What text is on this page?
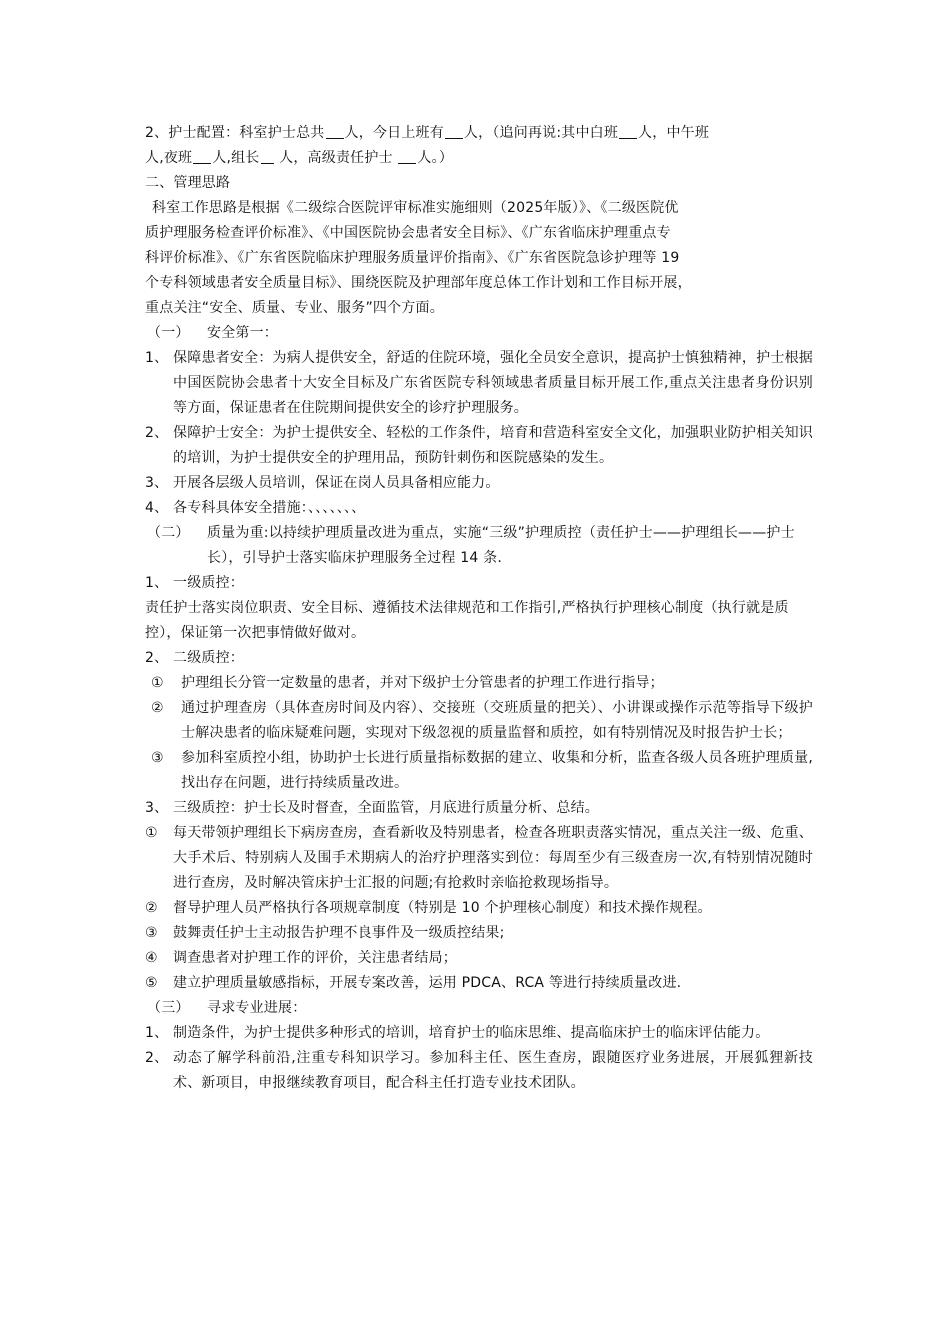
2、护士配置：科室护士总共 人，今日上班有 人，（追问再说:其中白班 人，中午班
人,夜班 人,组长 人，高级责任护士 人。）
二、管理思路
科室工作思路是根据《二级综合医院评审标准实施细则（2025年版）》、《二级医院优
质护理服务检查评价标准》、《中国医院协会患者安全目标》、《广东省临床护理重点专
科评价标准》、《广东省医院临床护理服务质量评价指南》、《广东省医院急诊护理等 19
个专科领域患者安全质量目标》、围绕医院及护理部年度总体工作计划和工作目标开展，
重点关注“安全、质量、专业、服务”四个方面。
（一）	安全第一：
1、 保障患者安全：为病人提供安全，舒适的住院环境，强化全员安全意识，提高护士慎独精神，护士根据中国医院协会患者十大安全目标及广东省医院专科领域患者质量目标开展工作,重点关注患者身份识别等方面，保证患者在住院期间提供安全的诊疗护理服务。
2、 保障护士安全：为护士提供安全、轻松的工作条件，培育和营造科室安全文化，加强职业防护相关知识的培训，为护士提供安全的护理用品，预防针刺伤和医院感染的发生。
3、 开展各层级人员培训，保证在岗人员具备相应能力。
4、 各专科具体安全措施：、、、、、、、
（二）	质量为重:以持续护理质量改进为重点，实施“三级”护理质控（责任护士——护理组长——护士长），引导护士落实临床护理服务全过程 14 条.
1、 一级质控：
责任护士落实岗位职责、安全目标、遵循技术法律规范和工作指引,严格执行护理核心制度（执行就是质控），保证第一次把事情做好做对。
2、 二级质控：
①	护理组长分管一定数量的患者，并对下级护士分管患者的护理工作进行指导；
②	通过护理查房（具体查房时间及内容）、交接班（交班质量的把关）、小讲课或操作示范等指导下级护士解决患者的临床疑难问题，实现对下级忽视的质量监督和质控，如有特别情况及时报告护士长；
③	参加科室质控小组，协助护士长进行质量指标数据的建立、收集和分析，监查各级人员各班护理质量,找出存在问题，进行持续质量改进。
3、 三级质控：护士长及时督查，全面监管，月底进行质量分析、总结。
①	每天带领护理组长下病房查房，查看新收及特别患者，检查各班职责落实情况，重点关注一级、危重、大手术后、特别病人及围手术期病人的治疗护理落实到位：每周至少有三级查房一次,有特别情况随时进行查房，及时解决管床护士汇报的问题;有抢救时亲临抢救现场指导。
②	督导护理人员严格执行各项规章制度（特别是 10 个护理核心制度）和技术操作规程。
③	鼓舞责任护士主动报告护理不良事件及一级质控结果;
④	调查患者对护理工作的评价，关注患者结局；
⑤	建立护理质量敏感指标，开展专案改善，运用 PDCA、RCA 等进行持续质量改进.
（三）	寻求专业进展：
1、 制造条件，为护士提供多种形式的培训，培育护士的临床思维、提高临床护士的临床评估能力。
2、 动态了解学科前沿,注重专科知识学习。参加科主任、医生查房，跟随医疗业务进展，开展狐狸新技术、新项目，申报继续教育项目，配合科主任打造专业技术团队。
